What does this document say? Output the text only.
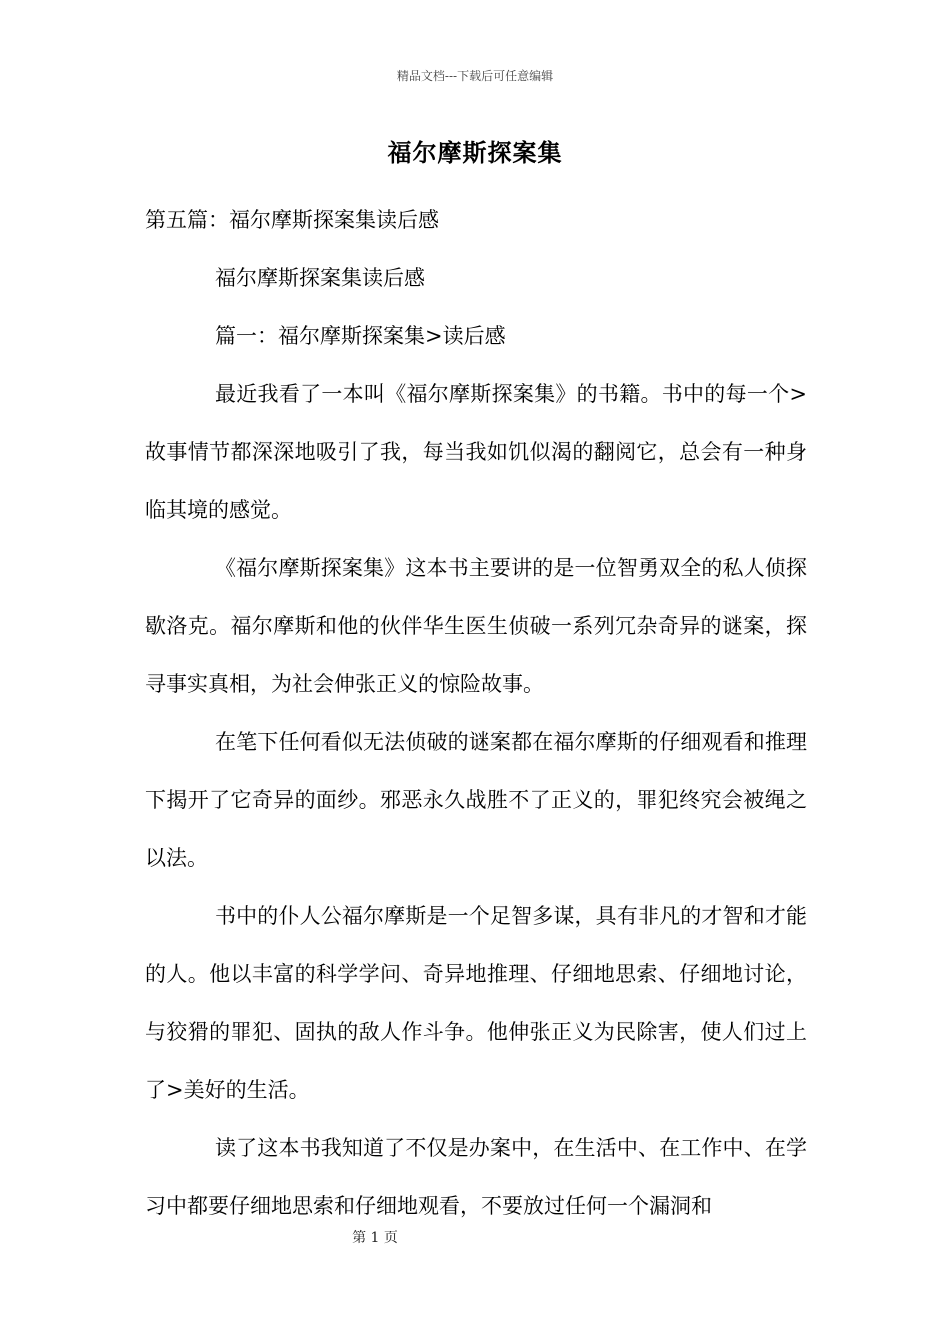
精品文档---下载后可任意编辑
福尔摩斯探案集

第五篇：福尔摩斯探案集读后感

福尔摩斯探案集读后感

篇一：福尔摩斯探案集>读后感

最近我看了一本叫《福尔摩斯探案集》的书籍。书中的每一个>故事情节都深深地吸引了我，每当我如饥似渴的翻阅它，总会有一种身临其境的感觉。

《福尔摩斯探案集》这本书主要讲的是一位智勇双全的私人侦探歇洛克。福尔摩斯和他的伙伴华生医生侦破一系列冗杂奇异的谜案，探寻事实真相，为社会伸张正义的惊险故事。

在笔下任何看似无法侦破的谜案都在福尔摩斯的仔细观看和推理下揭开了它奇异的面纱。邪恶永久战胜不了正义的，罪犯终究会被绳之以法。

书中的仆人公福尔摩斯是一个足智多谋，具有非凡的才智和才能的人。他以丰富的科学学问、奇异地推理、仔细地思索、仔细地讨论，与狡猾的罪犯、固执的敌人作斗争。他伸张正义为民除害，使人们过上了>美好的生活。

读了这本书我知道了不仅是办案中，在生活中、在工作中、在学习中都要仔细地思索和仔细地观看，不要放过任何一个漏洞和

第 1 页
